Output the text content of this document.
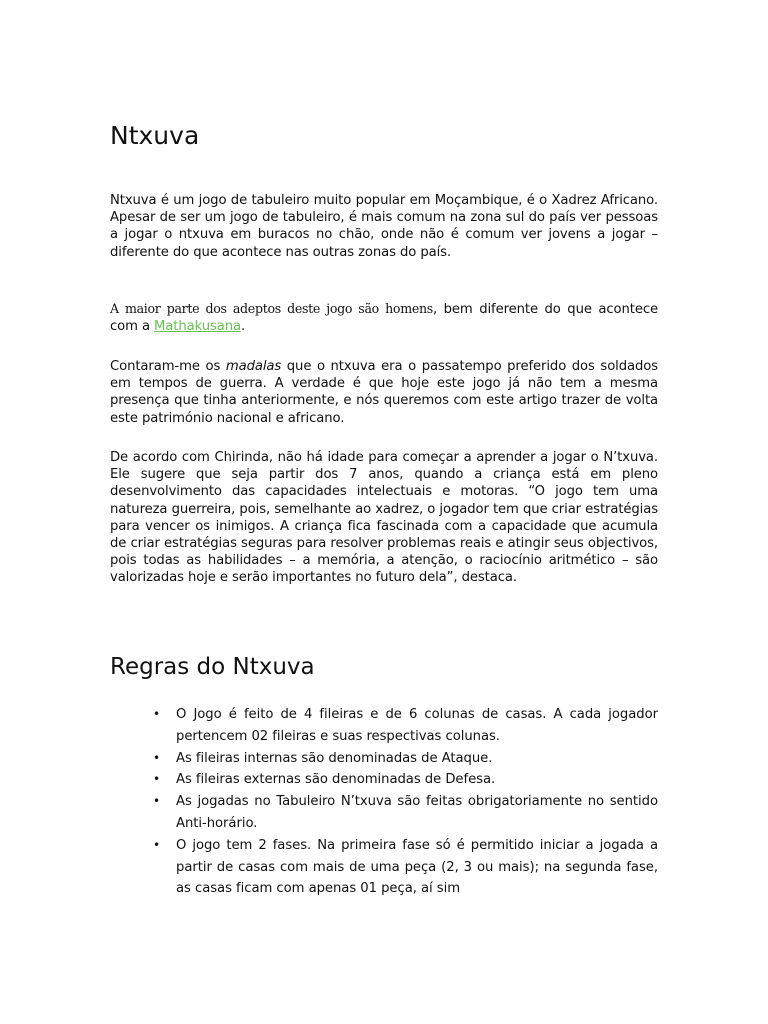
Ntxuva

Ntxuva é um jogo de tabuleiro muito popular em Moçambique, é o Xadrez Africano. Apesar de ser um jogo de tabuleiro, é mais comum na zona sul do país ver pessoas a jogar o ntxuva em buracos no chão, onde não é comum ver jovens a jogar – diferente do que acontece nas outras zonas do país.

A maior parte dos adeptos deste jogo são homens, bem diferente do que acontece com a Mathakusana.

Contaram-me os madalas que o ntxuva era o passatempo preferido dos soldados em tempos de guerra. A verdade é que hoje este jogo já não tem a mesma presença que tinha anteriormente, e nós queremos com este artigo trazer de volta este património nacional e africano.

De acordo com Chirinda, não há idade para começar a aprender a jogar o N’txuva. Ele sugere que seja partir dos 7 anos, quando a criança está em pleno desenvolvimento das capacidades intelectuais e motoras. “O jogo tem uma natureza guerreira, pois, semelhante ao xadrez, o jogador tem que criar estratégias para vencer os inimigos. A criança fica fascinada com a capacidade que acumula de criar estratégias seguras para resolver problemas reais e atingir seus objectivos, pois todas as habilidades – a memória, a atenção, o raciocínio aritmético – são valorizadas hoje e serão importantes no futuro dela”, destaca.

Regras do Ntxuva
• O Jogo é feito de 4 fileiras e de 6 colunas de casas. A cada jogador pertencem 02 fileiras e suas respectivas colunas.
• As fileiras internas são denominadas de Ataque.
• As fileiras externas são denominadas de Defesa.
• As jogadas no Tabuleiro N’txuva são feitas obrigatoriamente no sentido Anti-horário.
• O jogo tem 2 fases. Na primeira fase só é permitido iniciar a jogada a partir de casas com mais de uma peça (2, 3 ou mais); na segunda fase, as casas ficam com apenas 01 peça, aí sim
